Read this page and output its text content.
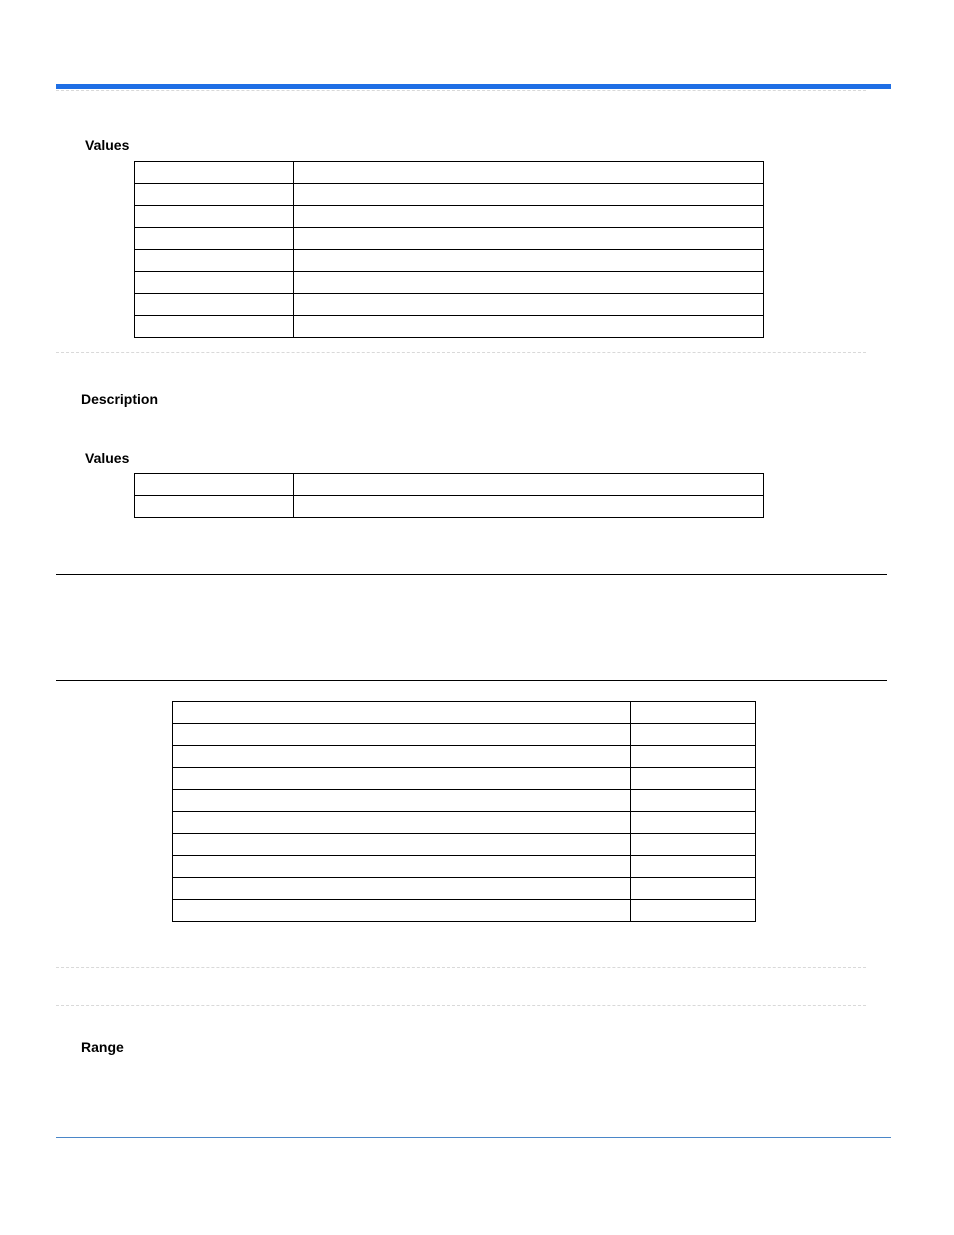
Values

Description
Values

Range
